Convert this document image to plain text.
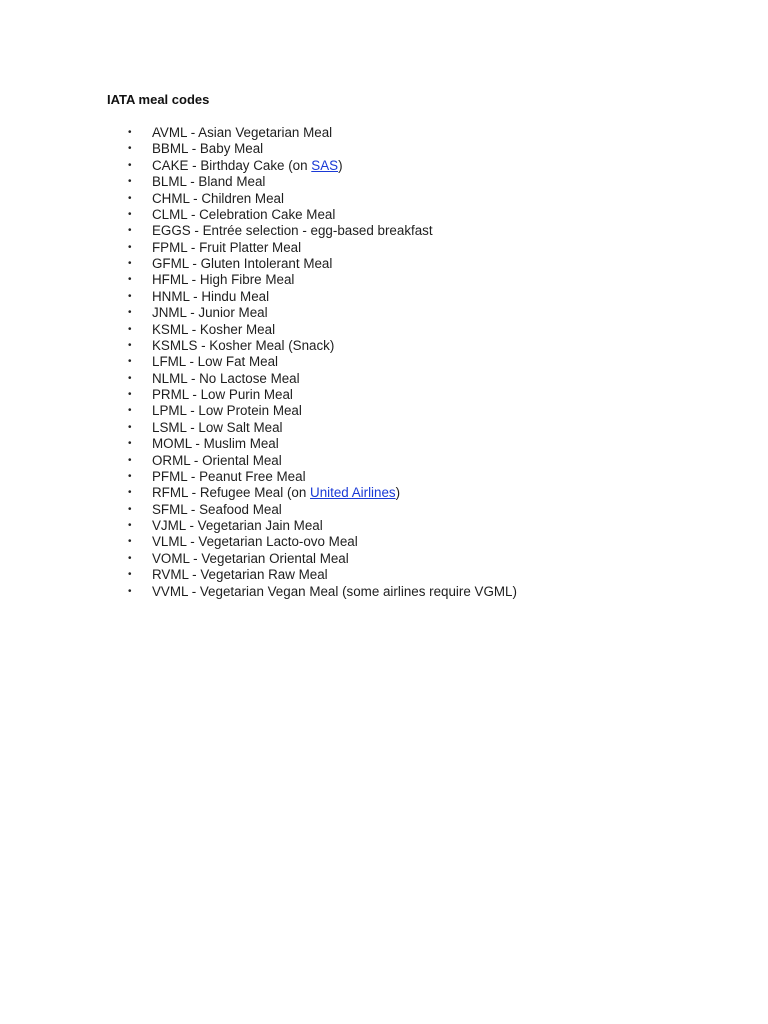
IATA meal codes
• AVML - Asian Vegetarian Meal
• BBML - Baby Meal
• CAKE - Birthday Cake (on SAS)
• BLML - Bland Meal
• CHML - Children Meal
• CLML - Celebration Cake Meal
• EGGS - Entrée selection - egg-based breakfast
• FPML - Fruit Platter Meal
• GFML - Gluten Intolerant Meal
• HFML - High Fibre Meal
• HNML - Hindu Meal
• JNML - Junior Meal
• KSML - Kosher Meal
• KSMLS - Kosher Meal (Snack)
• LFML - Low Fat Meal
• NLML - No Lactose Meal
• PRML - Low Purin Meal
• LPML - Low Protein Meal
• LSML - Low Salt Meal
• MOML - Muslim Meal
• ORML - Oriental Meal
• PFML - Peanut Free Meal
• RFML - Refugee Meal (on United Airlines)
• SFML - Seafood Meal
• VJML - Vegetarian Jain Meal
• VLML - Vegetarian Lacto-ovo Meal
• VOML - Vegetarian Oriental Meal
• RVML - Vegetarian Raw Meal
• VVML - Vegetarian Vegan Meal (some airlines require VGML)
